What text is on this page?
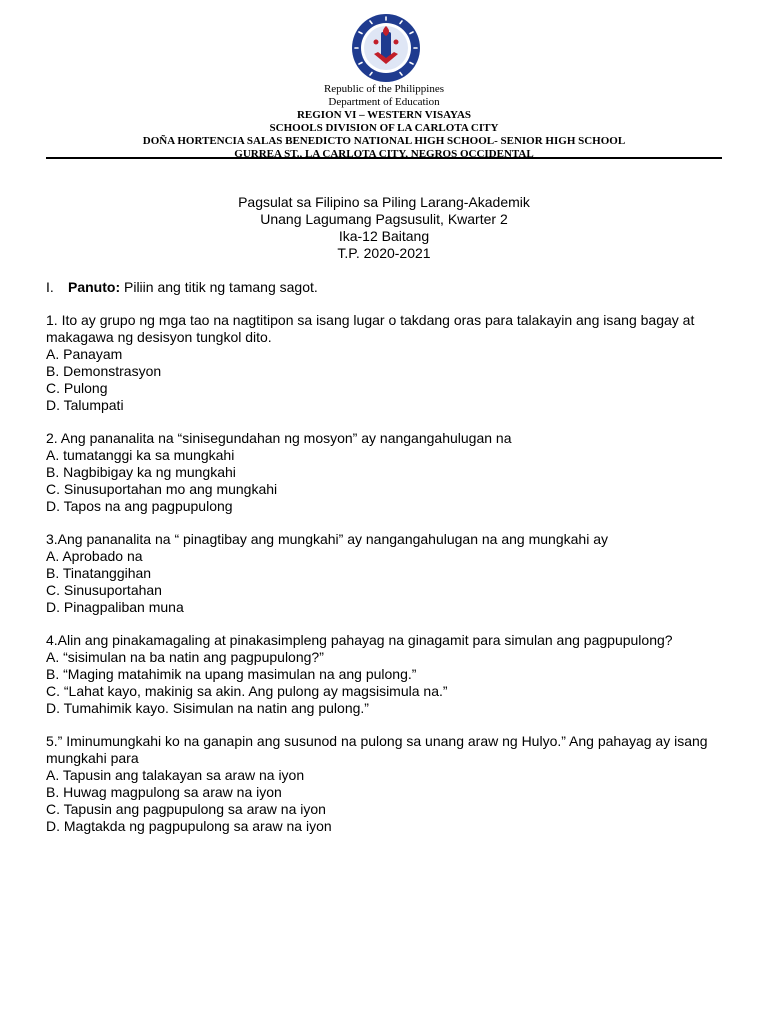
Republic of the Philippines
Department of Education
REGION VI – WESTERN VISAYAS
SCHOOLS DIVISION OF LA CARLOTA CITY
DOÑA HORTENCIA SALAS BENEDICTO NATIONAL HIGH SCHOOL- SENIOR HIGH SCHOOL
GURREA ST., LA CARLOTA CITY, NEGROS OCCIDENTAL
Pagsulat sa Filipino sa Piling Larang-Akademik
Unang Lagumang Pagsusulit, Kwarter 2
Ika-12 Baitang
T.P. 2020-2021

I. Panuto: Piliin ang titik ng tamang sagot.

1. Ito ay grupo ng mga tao na nagtitipon sa isang lugar o takdang oras para talakayin ang isang bagay at makagawa ng desisyon tungkol dito.

A. Panayam

B. Demonstrasyon

C. Pulong

D. Talumpati

2. Ang pananalita na “sinisegundahan ng mosyon” ay nangangahulugan na

A. tumatanggi ka sa mungkahi

B. Nagbibigay ka ng mungkahi

C. Sinusuportahan mo ang mungkahi

D. Tapos na ang pagpupulong

3.Ang pananalita na “ pinagtibay ang mungkahi” ay nangangahulugan na ang mungkahi ay

A. Aprobado na

B. Tinatanggihan

C. Sinusuportahan

D. Pinagpaliban muna

4.Alin ang pinakamagaling at pinakasimpleng pahayag na ginagamit para simulan ang pagpupulong?

A. “sisimulan na ba natin ang pagpupulong?”

B. “Maging matahimik na upang masimulan na ang pulong.”

C. “Lahat kayo, makinig sa akin. Ang pulong ay magsisimula na.”

D. Tumahimik kayo. Sisimulan na natin ang pulong.”

5.” Iminumungkahi ko na ganapin ang susunod na pulong sa unang araw ng Hulyo.” Ang pahayag ay isang mungkahi para

A. Tapusin ang talakayan sa araw na iyon

B. Huwag magpulong sa araw na iyon

C. Tapusin ang pagpupulong sa araw na iyon

D. Magtakda ng pagpupulong sa araw na iyon
